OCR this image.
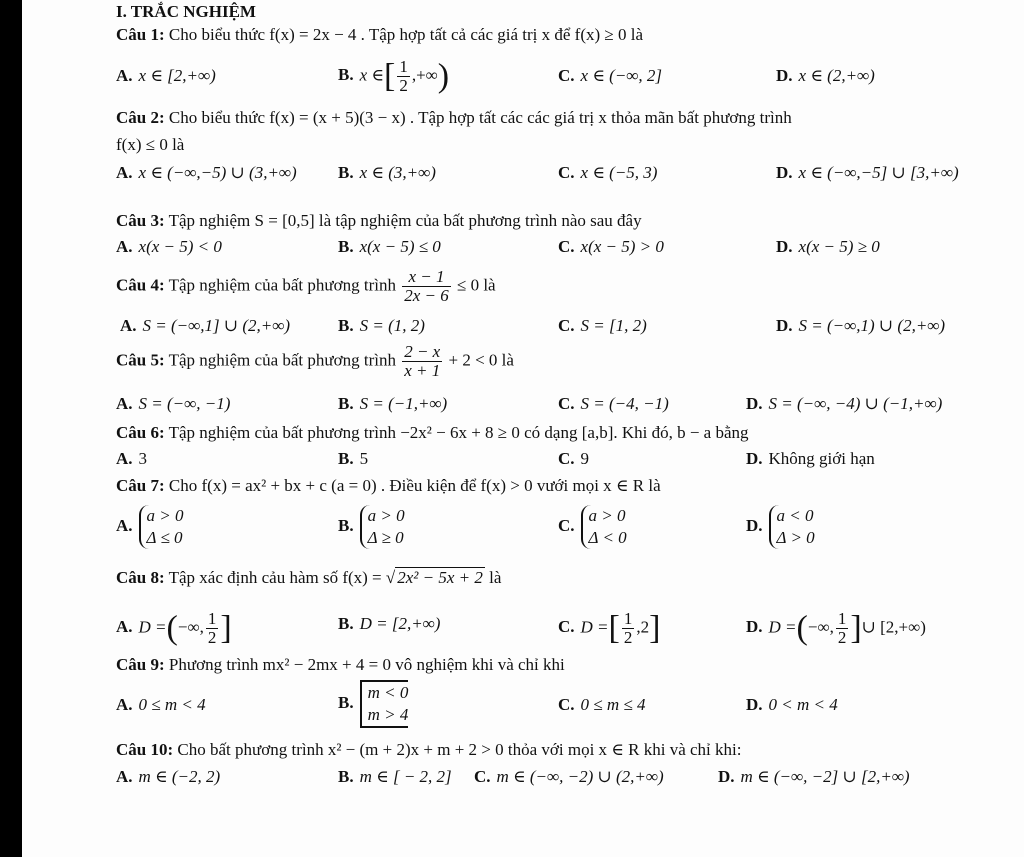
I. TRẮC NGHIỆM
Câu 1: Cho biểu thức f(x) = 2x − 4 . Tập hợp tất cả các giá trị x để f(x) ≥ 0 là
A. x ∈ [2,+∞)	B. x ∈[ $\frac{1}{2}$ ,+∞)	C. x ∈ (−∞, 2]	D. x ∈ (2,+∞)
Câu 2: Cho biểu thức f(x) = (x + 5)(3 − x) . Tập hợp tất các các giá trị x thỏa mãn bất phương trình
f(x) ≤ 0 là
A. x ∈ (−∞,−5) ∪ (3,+∞) B. x ∈ (3,+∞)	C. x ∈ (−5, 3)	D. x ∈ (−∞,−5] ∪ [3,+∞)
Câu 3: Tập nghiệm S = [0,5] là tập nghiệm của bất phương trình nào sau đây
A. x(x − 5) < 0	B. x(x − 5) ≤ 0	C. x(x − 5) > 0	D. x(x − 5) ≥ 0
Câu 4: Tập nghiệm của bất phương trình $\frac{x - 1}{2x - 6} \le 0$ là
A. S = (−∞,1] ∪ (2,+∞)	B. S = (1, 2)	C. S = [1, 2)	D. S = (−∞,1) ∪ (2,+∞)
Câu 5: Tập nghiệm của bất phương trình $\frac{2 - x}{x + 1} + 2 < 0$ là
A. S = (−∞, −1)	B. S = (−1,+∞)	C. S = (−4, −1)	D. S = (−∞, −4) ∪ (−1,+∞)
Câu 6: Tập nghiệm của bất phương trình −2x² − 6x + 8 ≥ 0 có dạng [a,b]. Khi đó, b − a bằng
A. 3	B. 5	C. 9	D. Không giới hạn
Câu 7: Cho f(x) = ax² + bx + c (a = 0) . Điều kiện để f(x) > 0 vưới mọi x ∈ R là
A.
a > 0
Δ ≤ 0
B.
a > 0
Δ ≥ 0
C.
a > 0
Δ < 0
D.
a < 0
Δ > 0
Câu 8: Tập xác định cảu hàm số f(x) = √ 2x² − 5x + 2 là
A. D =(−∞, $\frac{1}{2}$ ]	B. D = [2,+∞)	C. D =[ $\frac{1}{2} ,2$]	D. D =(−∞, $\frac{1}{2}$ ]∪ [2,+∞)
Câu 9: Phương trình mx² − 2mx + 4 = 0 vô nghiệm khi và chỉ khi
A. 0 ≤ m < 4	B.
m < 0
m > 4
C. 0 ≤ m ≤ 4	D. 0 < m < 4
Câu 10: Cho bất phương trình x² − (m + 2)x + m + 2 > 0 thỏa với mọi x ∈ R khi và chỉ khi:
A. m ∈ (−2, 2)	B. m ∈ [ − 2, 2] C. m ∈ (−∞, −2) ∪ (2,+∞)	D. m ∈ (−∞, −2] ∪ [2,+∞)
